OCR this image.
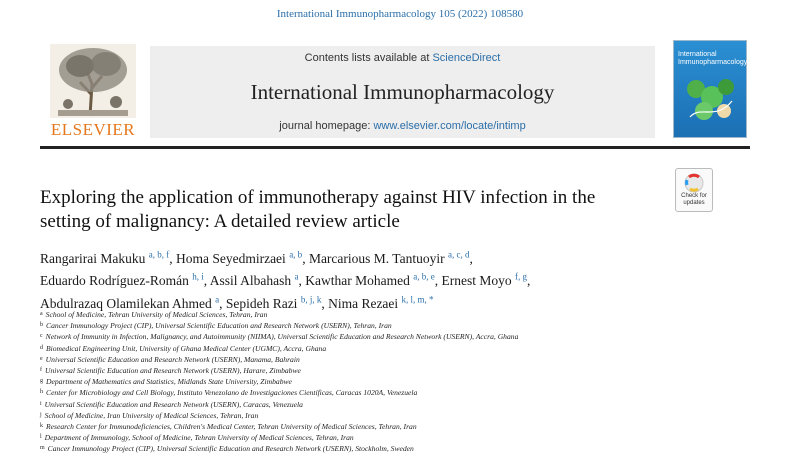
International Immunopharmacology 105 (2022) 108580
ELSEVIER
Contents lists available at ScienceDirect
International Immunopharmacology
journal homepage: www.elsevier.com/locate/intimp
International Immunopharmacology
Exploring the application of immunotherapy against HIV infection in the setting of malignancy: A detailed review article
Check for updates
Rangarirai Makuku $^{a, b, f}$, Homa Seyedmirzaei $^{a, b}$, Marcarious M. Tantuoyir $^{a, c, d}$,
Eduardo Rodríguez-Román $^{h, i}$, Assil Albahash $^a$, Kawthar Mohamed $^{a, b, e}$, Ernest Moyo $^{f, g}$,
Abdulrazaq Olamilekan Ahmed $^a$, Sepideh Razi $^{b, j, k}$, Nima Rezaei $^{k, l, m, *}$
$^a$ School of Medicine, Tehran University of Medical Sciences, Tehran, Iran
$^b$ Cancer Immunology Project (CIP), Universal Scientific Education and Research Network (USERN), Tehran, Iran
$^c$ Network of Immunity in Infection, Malignancy, and Autoimmunity (NIIMA), Universal Scientific Education and Research Network (USERN), Accra, Ghana
$^d$ Biomedical Engineering Unit, University of Ghana Medical Center (UGMC), Accra, Ghana
$^e$ Universal Scientific Education and Research Network (USERN), Manama, Bahrain
$^f$ Universal Scientific Education and Research Network (USERN), Harare, Zimbabwe
$^g$ Department of Mathematics and Statistics, Midlands State University, Zimbabwe
$^h$ Center for Microbiology and Cell Biology, Instituto Venezolano de Investigaciones Científicas, Caracas 1020A, Venezuela
$^i$ Universal Scientific Education and Research Network (USERN), Caracas, Venezuela
$^j$ School of Medicine, Iran University of Medical Sciences, Tehran, Iran
$^k$ Research Center for Immunodeficiencies, Children's Medical Center, Tehran University of Medical Sciences, Tehran, Iran
$^l$ Department of Immunology, School of Medicine, Tehran University of Medical Sciences, Tehran, Iran
$^m$ Cancer Immunology Project (CIP), Universal Scientific Education and Research Network (USERN), Stockholm, Sweden
